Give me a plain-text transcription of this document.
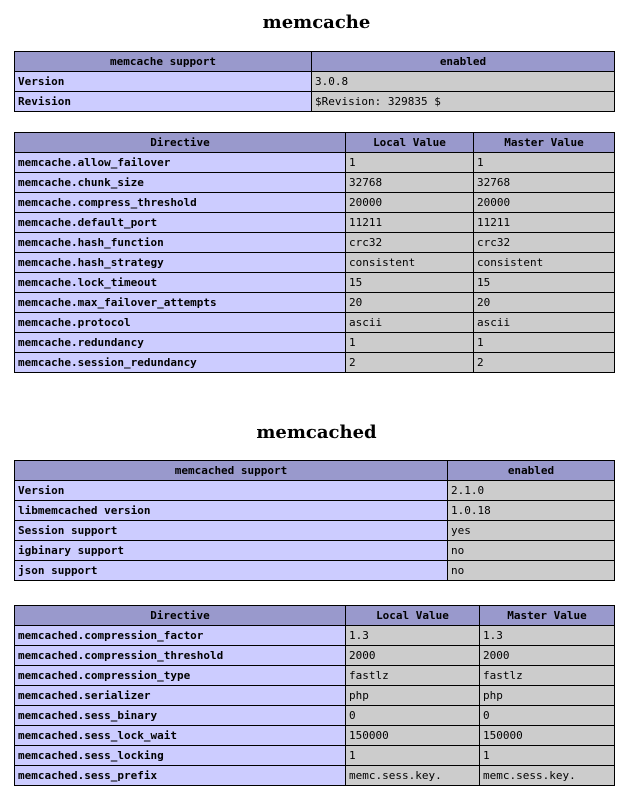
memcache
memcache support	enabled
Version	3.0.8
Revision	$Revision: 329835 $
Directive	Local Value	Master Value
memcache.allow_failover	1	1
memcache.chunk_size	32768	32768
memcache.compress_threshold	20000	20000
memcache.default_port	11211	11211
memcache.hash_function	crc32	crc32
memcache.hash_strategy	consistent	consistent
memcache.lock_timeout	15	15
memcache.max_failover_attempts	20	20
memcache.protocol	ascii	ascii
memcache.redundancy	1	1
memcache.session_redundancy	2	2
memcached
memcached support	enabled
Version	2.1.0
libmemcached version	1.0.18
Session support	yes
igbinary support	no
json support	no
Directive	Local Value	Master Value
memcached.compression_factor	1.3	1.3
memcached.compression_threshold	2000	2000
memcached.compression_type	fastlz	fastlz
memcached.serializer	php	php
memcached.sess_binary	0	0
memcached.sess_lock_wait	150000	150000
memcached.sess_locking	1	1
memcached.sess_prefix	memc.sess.key.	memc.sess.key.
